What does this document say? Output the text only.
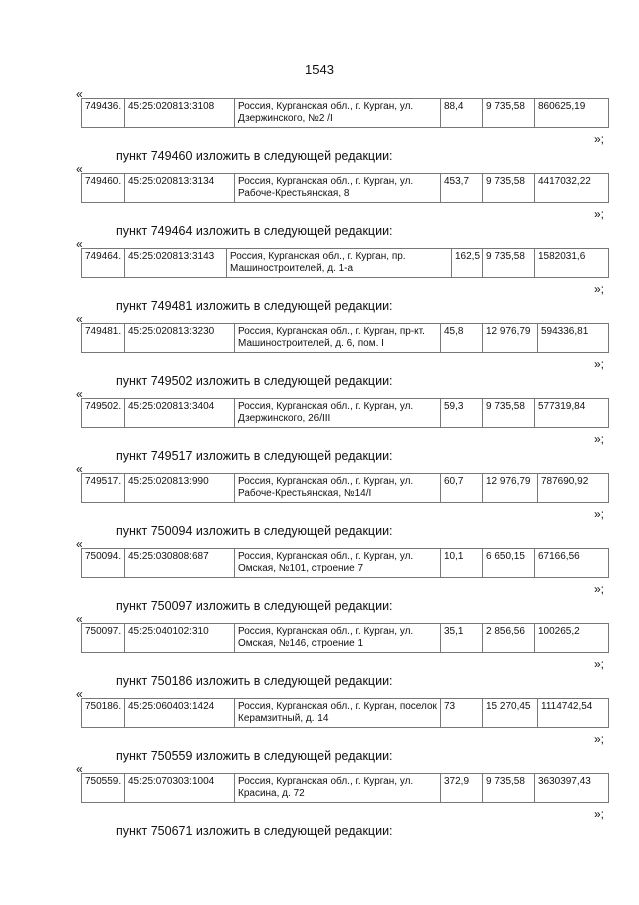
1543
«
749436.	45:25:020813:3108	Россия, Курганская обл., г. Курган, ул. Дзержинского, №2 /I	88,4	9 735,58	860625,19
»;
пункт 749460 изложить в следующей редакции:
«
749460.	45:25:020813:3134	Россия, Курганская обл., г. Курган, ул. Рабоче-Крестьянская, 8	453,7	9 735,58	4417032,22
»;
пункт 749464 изложить в следующей редакции:
«
749464.	45:25:020813:3143	Россия, Курганская обл., г. Курган, пр. Машиностроителей, д. 1-а	162,5	9 735,58	1582031,6
»;
пункт 749481 изложить в следующей редакции:
«
749481.	45:25:020813:3230	Россия, Курганская обл., г. Курган, пр-кт. Машиностроителей, д. 6, пом. I	45,8	12 976,79	594336,81
»;
пункт 749502 изложить в следующей редакции:
«
749502.	45:25:020813:3404	Россия, Курганская обл., г. Курган, ул. Дзержинского, 26/III	59,3	9 735,58	577319,84
»;
пункт 749517 изложить в следующей редакции:
«
749517.	45:25:020813:990	Россия, Курганская обл., г. Курган, ул. Рабоче-Крестьянская, №14/I	60,7	12 976,79	787690,92
»;
пункт 750094 изложить в следующей редакции:
«
750094.	45:25:030808:687	Россия, Курганская обл., г. Курган, ул. Омская, №101, строение 7	10,1	6 650,15	67166,56
»;
пункт 750097 изложить в следующей редакции:
«
750097.	45:25:040102:310	Россия, Курганская обл., г. Курган, ул. Омская, №146, строение 1	35,1	2 856,56	100265,2
»;
пункт 750186 изложить в следующей редакции:
«
750186.	45:25:060403:1424	Россия, Курганская обл., г. Курган, поселок Керамзитный, д. 14	73	15 270,45	1114742,54
»;
пункт 750559 изложить в следующей редакции:
«
750559.	45:25:070303:1004	Россия, Курганская обл., г. Курган, ул. Красина, д. 72	372,9	9 735,58	3630397,43
»;
пункт 750671 изложить в следующей редакции:
